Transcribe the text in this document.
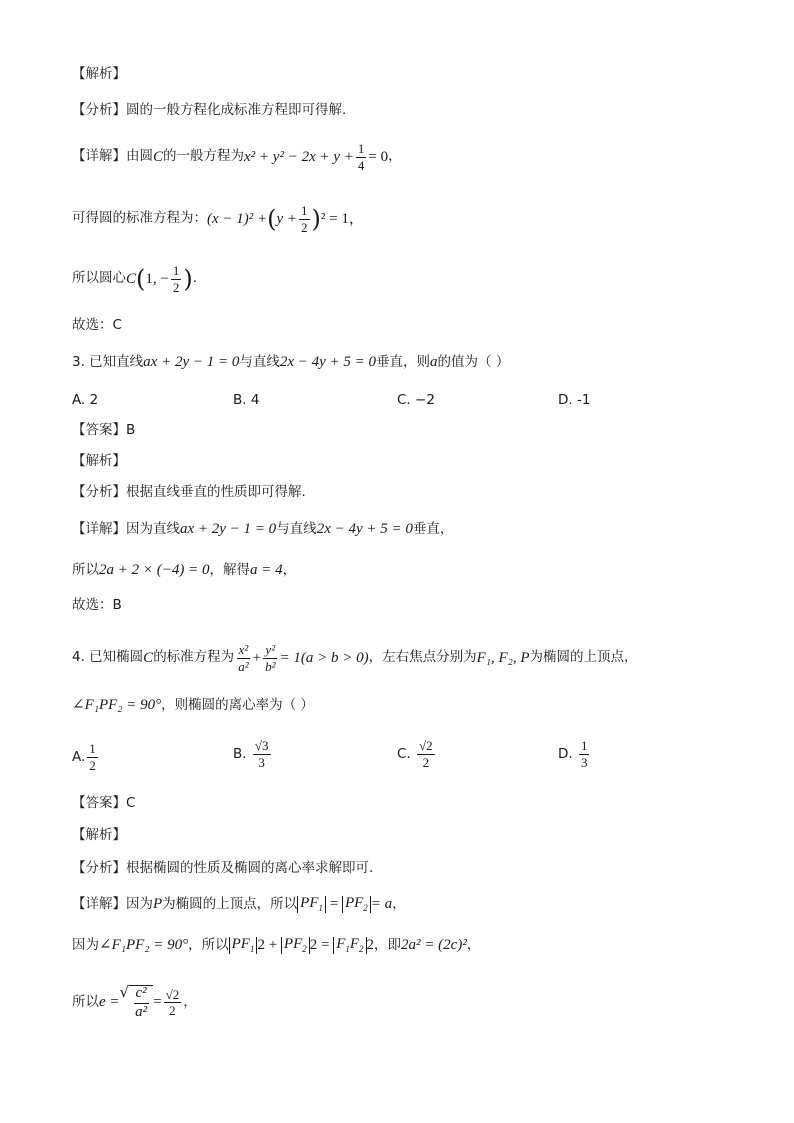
【解析】
【分析】 圆的一般方程化成标准方程即可得解.
【详解】 由圆 C 的一般方程为 $x^2 + y^2 - 2x + y + \frac{1}{4} = 0$ ，
可得圆的标准方程为： (x − 1)² + ( $y + \frac{1}{2}$ ) ² = 1，
所以圆心 C ( 1, − $\frac{1}{2}$ ) .
故选：C
3. 已知直线 ax + 2y − 1 = 0 与直线 2x − 4y + 5 = 0 垂直，则 a 的值为（ ）
A. 2	B. 4	C. −2	D. -1
【答案】 B
【解析】
【分析】 根据直线垂直的性质即可得解.
【详解】 因为直线 ax + 2y − 1 = 0 与直线 2x − 4y + 5 = 0 垂直，
所以 2a + 2 × (−4) = 0 ，解得 a = 4 ，
故选：B
4. 已知椭圆 C 的标准方程为 $\frac{\text{x²}}{\text{a²}} + \frac{\text{y²}}{\text{b²}} = 1(a > b > 0)$ ，左右焦点分别为 F₁, F₂, P 为椭圆的上顶点，
∠F₁PF₂ = 90° ，则椭圆的离心率为（ ）
A. $\frac{1}{2}$	B.
$\frac{√3}{3}$	C.
$\frac{√2}{2}$	D.
$\frac{1}{3}$
【答案】 C
【解析】
【分析】 根据椭圆的性质及椭圆的离心率求解即可.
【详解】 因为 P 为椭圆的上顶点，所以 $PF_1 = PF_2 = a$ ，
因为 ∠F₁PF₂ = 90° ，所以 $PF_1$ $2 + PF_2$ $2 = F_1F_2$ 2 ，即 2a² = (2c)² ，
所以 e =
√ $\frac{\text{c²}}{\text{a²}} = \frac{√2}{2}$ ，
